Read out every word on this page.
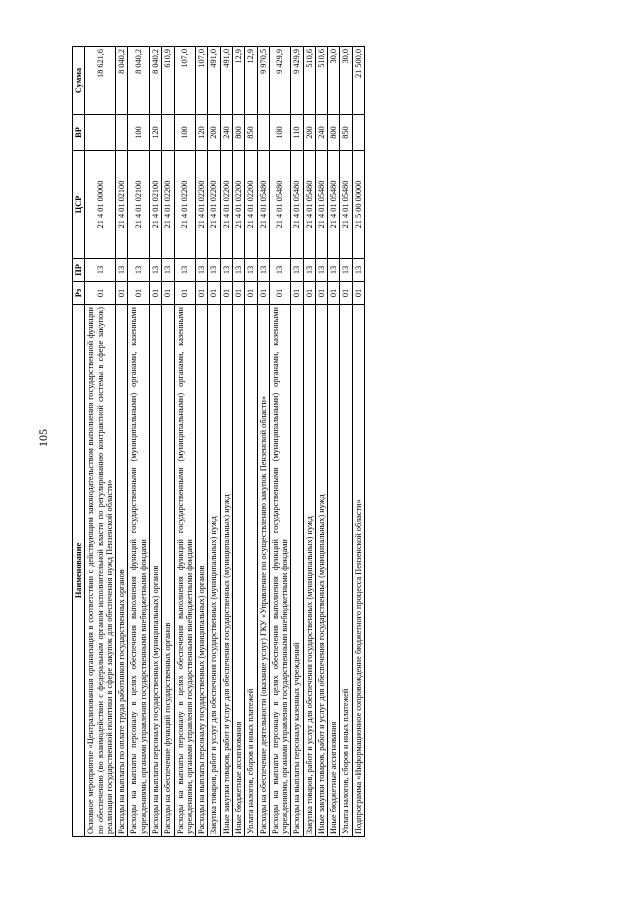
105
Наименование	Рз	ПР	ЦСР	ВР	Сумма
Основное мероприятие «Централизованная организация в соответствии с действующим законодательством выполнения государственной функции по обеспечению (во взаимодействии с федеральным органом исполнительной власти по регулированию контрактной системы в сфере закупок) реализации государственной политики в сфере закупок для обеспечения нужд Пензенской области»	01	13	21 4 01 00000		18 621,6
Расходы на выплаты по оплате труда работников государственных органов	01	13	21 4 01 02100		8 040,2
Расходы на выплаты персоналу в целях обеспечения выполнения функций государственными (муниципальными) органами, казенными учреждениями, органами управления государственными внебюджетными фондами	01	13	21 4 01 02100	100	8 040,2
Расходы на выплаты персоналу государственных (муниципальных) органов	01	13	21 4 01 02100	120	8 040,2
Расходы на обеспечение функций государственных органов	01	13	21 4 01 02200		610,9
Расходы на выплаты персоналу в целях обеспечения выполнения функций государственными (муниципальными) органами, казенными учреждениями, органами управления государственными внебюджетными фондами	01	13	21 4 01 02200	100	107,0
Расходы на выплаты персоналу государственных (муниципальных) органов	01	13	21 4 01 02200	120	107,0
Закупка товаров, работ и услуг для обеспечения государственных (муниципальных) нужд	01	13	21 4 01 02200	200	491,0
Иные закупки товаров, работ и услуг для обеспечения государственных (муниципальных) нужд	01	13	21 4 01 02200	240	491,0
Иные бюджетные ассигнования	01	13	21 4 01 02200	800	12,9
Уплата налогов, сборов и иных платежей	01	13	21 4 01 02200	850	12,9
Расходы на обеспечение деятельности (оказание услуг) ГКУ «Управление по осуществлению закупок Пензенской области»	01	13	21 4 01 05480		9 970,5
Расходы на выплаты персоналу в целях обеспечения выполнения функций государственными (муниципальными) органами, казенными учреждениями, органами управления государственными внебюджетными фондами	01	13	21 4 01 05480	100	9 429,9
Расходы на выплаты персоналу казенных учреждений	01	13	21 4 01 05480	110	9 429,9
Закупка товаров, работ и услуг для обеспечения государственных (муниципальных) нужд	01	13	21 4 01 05480	200	510,6
Иные закупки товаров, работ и услуг для обеспечения государственных (муниципальных) нужд	01	13	21 4 01 05480	240	510,6
Иные бюджетные ассигнования	01	13	21 4 01 05480	800	30,0
Уплата налогов, сборов и иных платежей	01	13	21 4 01 05480	850	30,0
Подпрограмма «Информационное сопровождение бюджетного процесса Пензенской области»	01	13	21 5 00 00000		21 500,0
